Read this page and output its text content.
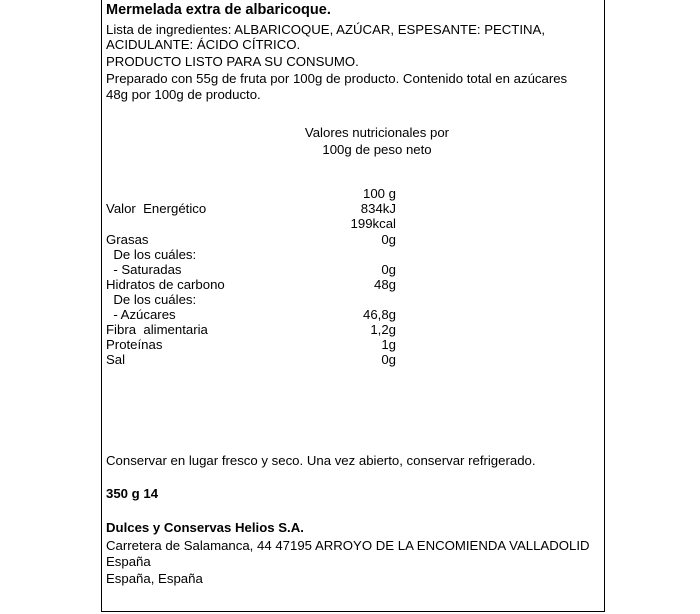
Mermelada extra de albaricoque.
Lista de ingredientes: ALBARICOQUE, AZÚCAR, ESPESANTE: PECTINA,
ACIDULANTE: ÁCIDO CÍTRICO.
PRODUCTO LISTO PARA SU CONSUMO.
Preparado con 55g de fruta por 100g de producto. Contenido total en azúcares
48g por 100g de producto.
Valores nutricionales por
100g de peso neto
100 g
Valor  Energético	834kJ
199kcal
Grasas	0g
De los cuáles:
- Saturadas	0g
Hidratos de carbono	48g
De los cuáles:
- Azúcares	46,8g
Fibra  alimentaria	1,2g
Proteínas	1g
Sal	0g
Conservar en lugar fresco y seco. Una vez abierto, conservar refrigerado.
350 g 14
Dulces y Conservas Helios S.A.
Carretera de Salamanca, 44 47195 ARROYO DE LA ENCOMIENDA VALLADOLID
España
España, España
